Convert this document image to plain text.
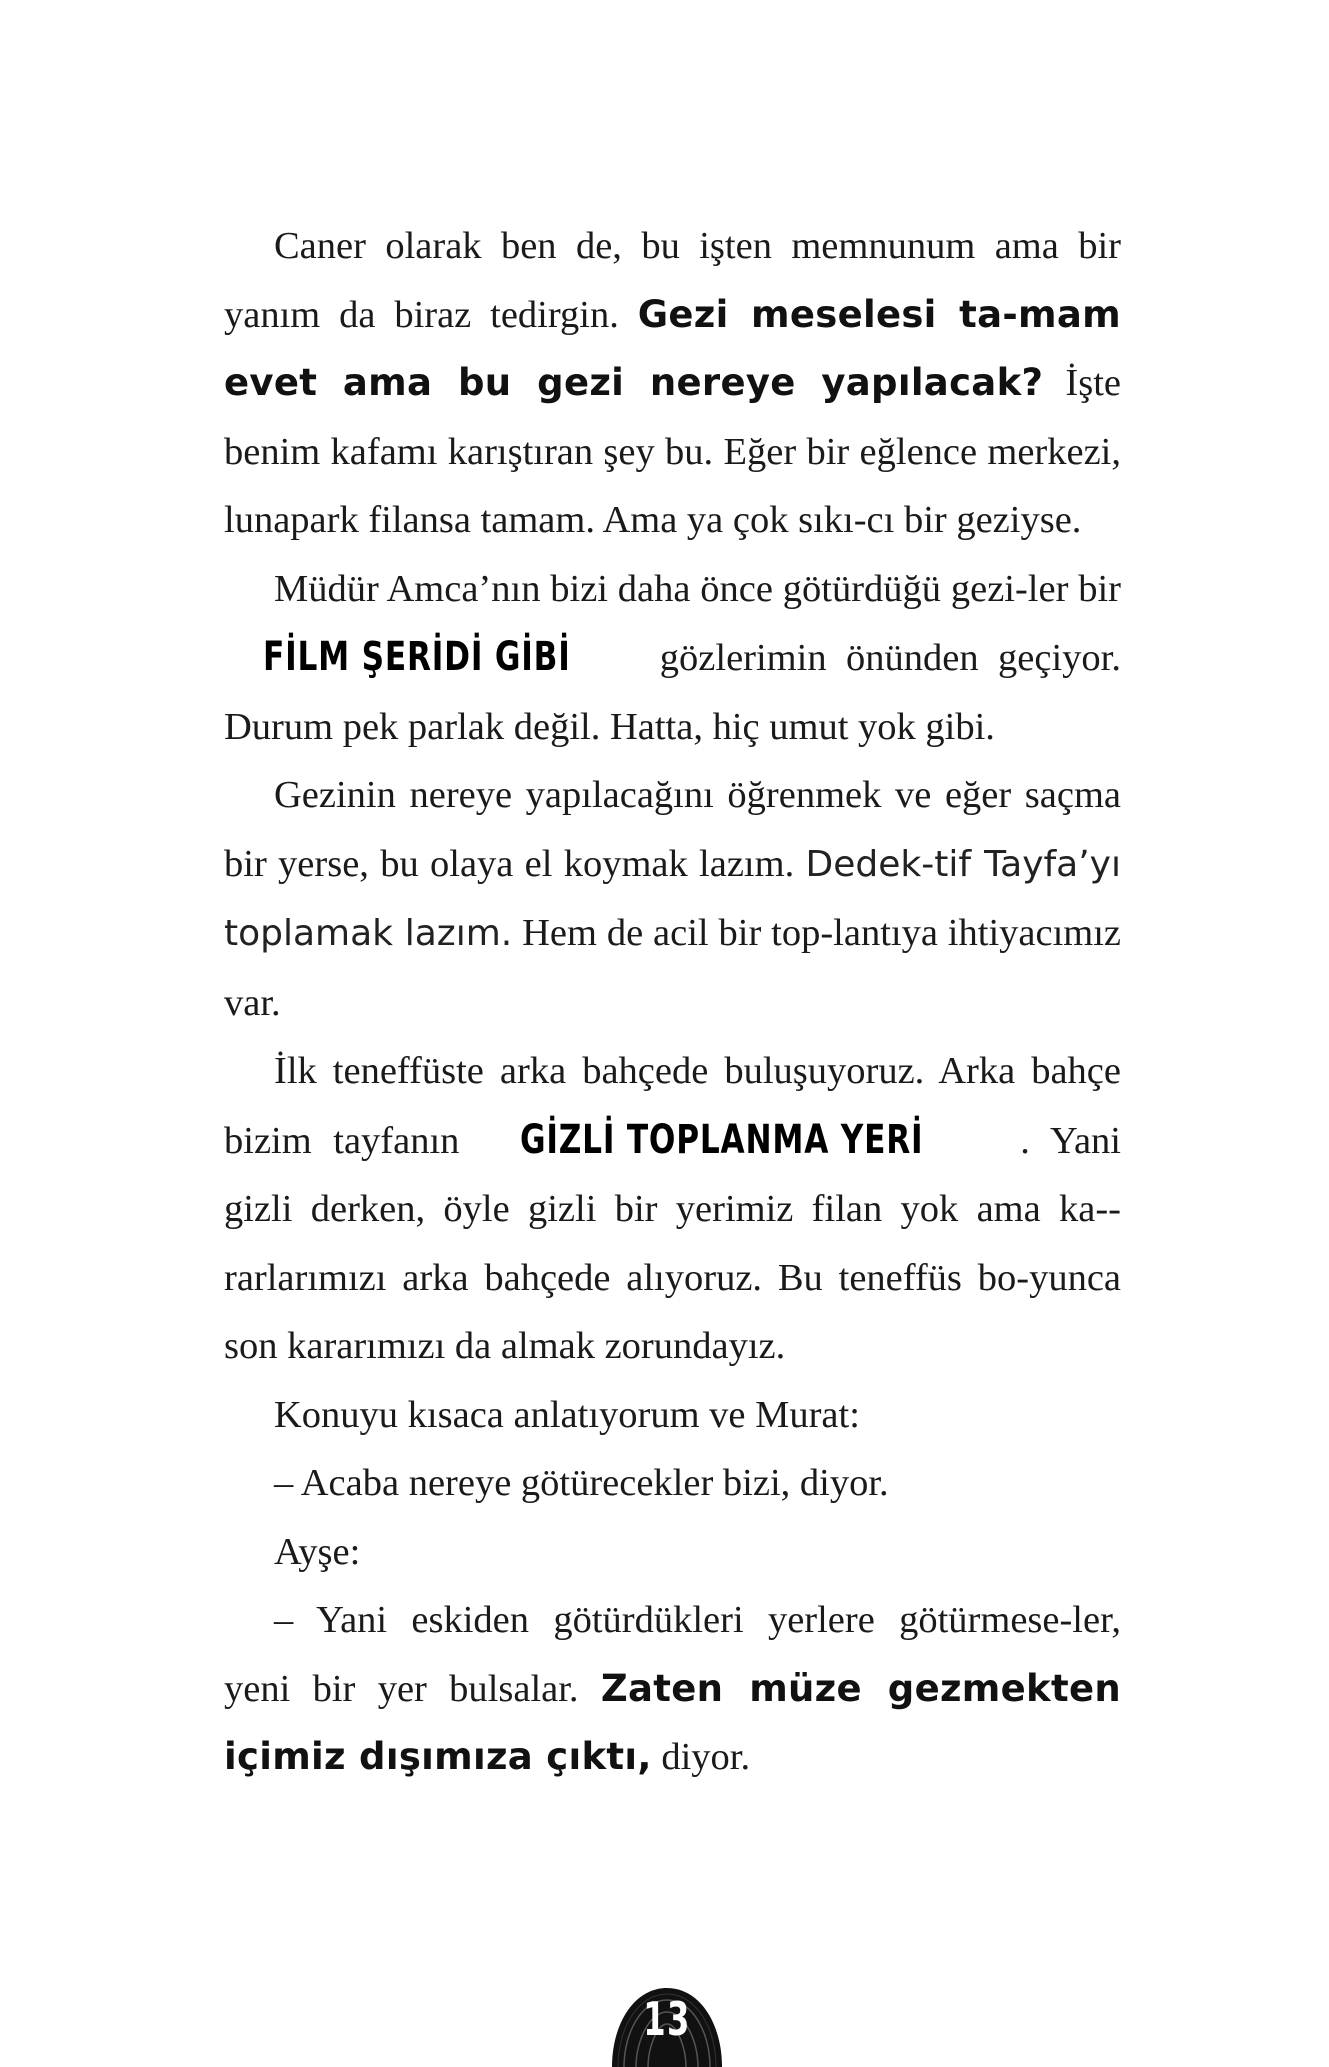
Caner olarak ben de, bu işten memnunum ama bir yanım da biraz tedirgin. Gezi meselesi ta-mam evet ama bu gezi nereye yapılacak? İşte benim kafamı karıştıran şey bu. Eğer bir eğlence merkezi, lunapark filansa tamam. Ama ya çok sıkı-cı bir geziyse.

Müdür Amca’nın bizi daha önce götürdüğü gezi-ler bir FİLM ŞERİDİ GİBİ gözlerimin önünden geçiyor. Durum pek parlak değil. Hatta, hiç umut yok gibi.

Gezinin nereye yapılacağını öğrenmek ve eğer saçma bir yerse, bu olaya el koymak lazım. Dedek-tif Tayfa’yı toplamak lazım. Hem de acil bir top-lantıya ihtiyacımız var.

İlk teneffüste arka bahçede buluşuyoruz. Arka bahçe bizim tayfanın GİZLİ TOPLANMA YERİ	. Yani gizli derken, öyle gizli bir yerimiz filan yok ama ka-rarlarımızı arka bahçede alıyoruz. Bu teneffüs bo-yunca son kararımızı da almak zorundayız.

Konuyu kısaca anlatıyorum ve Murat:

– Acaba nereye götürecekler bizi, diyor.

Ayşe:

– Yani eskiden götürdükleri yerlere götürmese-ler, yeni bir yer bulsalar. Zaten müze gezmekten içimiz dışımıza çıktı, diyor.

13
